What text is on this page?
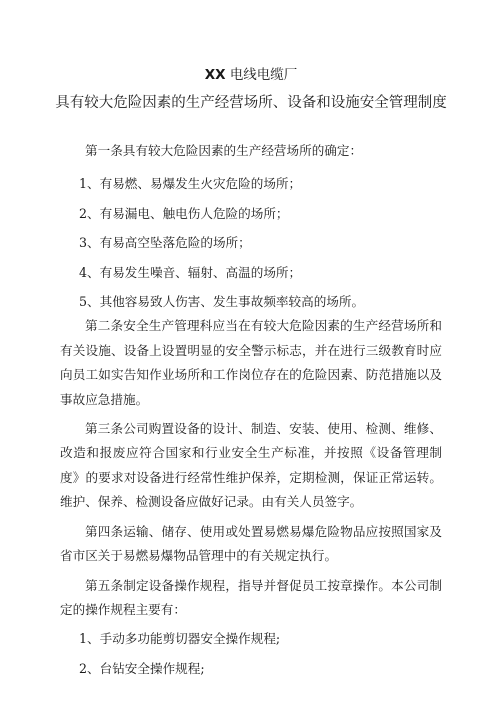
XX 电线电缆厂

具有较大危险因素的生产经营场所、设备和设施安全管理制度

第一条具有较大危险因素的生产经营场所的确定：

1、有易燃、易爆发生火灾危险的场所；

2、有易漏电、触电伤人危险的场所；

3、有易高空坠落危险的场所；

4、有易发生噪音、辐射、高温的场所；

5、其他容易致人伤害、发生事故频率较高的场所。

第二条安全生产管理科应当在有较大危险因素的生产经营场所和有关设施、设备上设置明显的安全警示标志，并在进行三级教育时应向员工如实告知作业场所和工作岗位存在的危险因素、防范措施以及事故应急措施。

第三条公司购置设备的设计、制造、安装、使用、检测、维修、改造和报废应符合国家和行业安全生产标准，并按照《设备管理制度》的要求对设备进行经常性维护保养，定期检测，保证正常运转。维护、保养、检测设备应做好记录。由有关人员签字。

第四条运输、储存、使用或处置易燃易爆危险物品应按照国家及省市区关于易燃易爆物品管理中的有关规定执行。

第五条制定设备操作规程，指导并督促员工按章操作。本公司制定的操作规程主要有：

1、手动多功能剪切器安全操作规程;

2、台钻安全操作规程;
